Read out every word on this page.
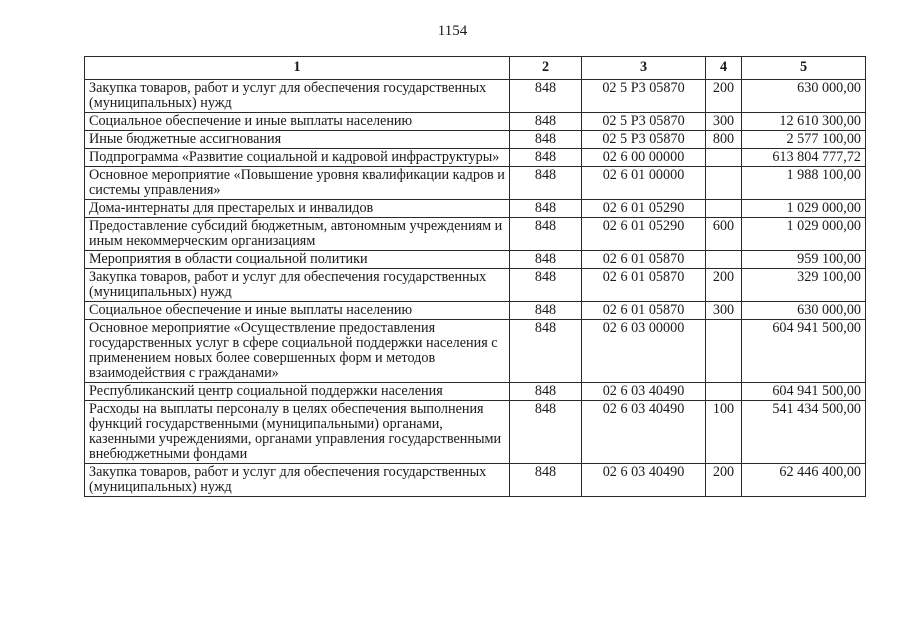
1154
1	2	3	4	5
Закупка товаров, работ и услуг для обеспечения государственных (муниципальных) нужд	848	02 5 Р3 05870	200	630 000,00
Социальное обеспечение и иные выплаты населению	848	02 5 Р3 05870	300	12 610 300,00
Иные бюджетные ассигнования	848	02 5 Р3 05870	800	2 577 100,00
Подпрограмма «Развитие социальной и кадровой инфраструктуры»	848	02 6 00 00000		613 804 777,72
Основное мероприятие «Повышение уровня квалификации кадров и системы управления»	848	02 6 01 00000		1 988 100,00
Дома-интернаты для престарелых и инвалидов	848	02 6 01 05290		1 029 000,00
Предоставление субсидий бюджетным, автономным учреждениям и иным некоммерческим организациям	848	02 6 01 05290	600	1 029 000,00
Мероприятия в области социальной политики	848	02 6 01 05870		959 100,00
Закупка товаров, работ и услуг для обеспечения государственных (муниципальных) нужд	848	02 6 01 05870	200	329 100,00
Социальное обеспечение и иные выплаты населению	848	02 6 01 05870	300	630 000,00
Основное мероприятие «Осуществление предоставления государственных услуг в сфере социальной поддержки населения с применением новых более совершенных форм и методов взаимодействия с гражданами»	848	02 6 03 00000		604 941 500,00
Республиканский центр социальной поддержки населения	848	02 6 03 40490		604 941 500,00
Расходы на выплаты персоналу в целях обеспечения выполнения функций государственными (муниципальными) органами, казенными учреждениями, органами управления государственными внебюджетными фондами	848	02 6 03 40490	100	541 434 500,00
Закупка товаров, работ и услуг для обеспечения государственных (муниципальных) нужд	848	02 6 03 40490	200	62 446 400,00
